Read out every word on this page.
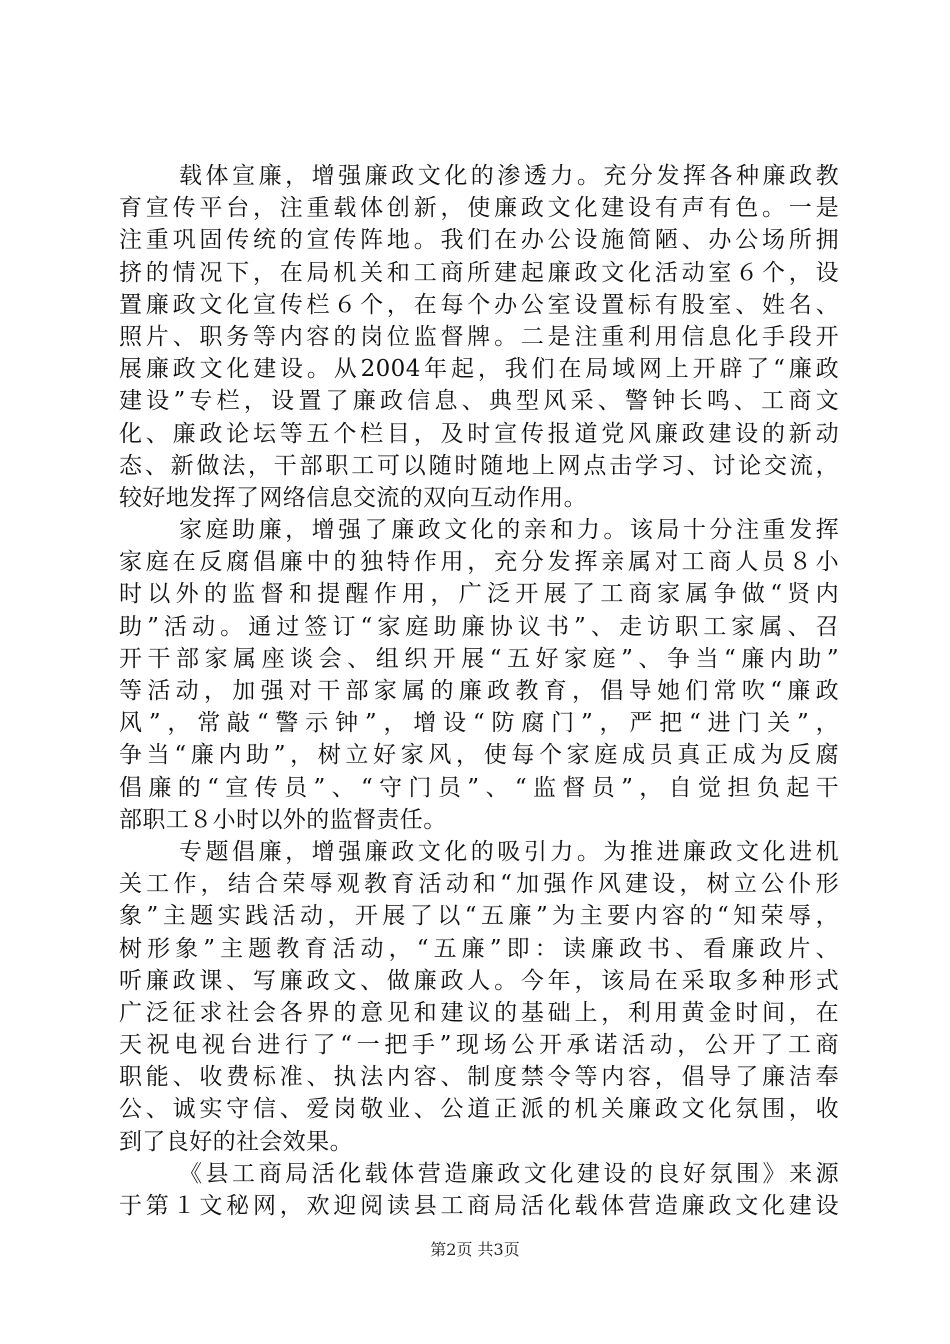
载体宣廉，增强廉政文化的渗透力。充分发挥各种廉政教
育宣传平台，注重载体创新，使廉政文化建设有声有色。一是
注重巩固传统的宣传阵地。我们在办公设施简陋、办公场所拥
挤的情况下，在局机关和工商所建起廉政文化活动室６个，设
置廉政文化宣传栏６个，在每个办公室设置标有股室、姓名、
照片、职务等内容的岗位监督牌。二是注重利用信息化手段开
展廉政文化建设。从2004年起，我们在局域网上开辟了“廉政
建设”专栏，设置了廉政信息、典型风采、警钟长鸣、工商文
化、廉政论坛等五个栏目，及时宣传报道党风廉政建设的新动
态、新做法，干部职工可以随时随地上网点击学习、讨论交流，
较好地发挥了网络信息交流的双向互动作用。
家庭助廉，增强了廉政文化的亲和力。该局十分注重发挥
家庭在反腐倡廉中的独特作用，充分发挥亲属对工商人员８小
时以外的监督和提醒作用，广泛开展了工商家属争做“贤内
助”活动。通过签订“家庭助廉协议书”、走访职工家属、召
开干部家属座谈会、组织开展“五好家庭”、争当“廉内助”
等活动，加强对干部家属的廉政教育，倡导她们常吹“廉政
风”，常敲“警示钟”，增设“防腐门”，严把“进门关”，
争当“廉内助”，树立好家风，使每个家庭成员真正成为反腐
倡廉的“宣传员”、“守门员”、“监督员”，自觉担负起干
部职工８小时以外的监督责任。
专题倡廉，增强廉政文化的吸引力。为推进廉政文化进机
关工作，结合荣辱观教育活动和“加强作风建设，树立公仆形
象”主题实践活动，开展了以“五廉”为主要内容的“知荣辱，
树形象”主题教育活动，“五廉”即：读廉政书、看廉政片、
听廉政课、写廉政文、做廉政人。今年，该局在采取多种形式
广泛征求社会各界的意见和建议的基础上，利用黄金时间，在
天祝电视台进行了“一把手”现场公开承诺活动，公开了工商
职能、收费标准、执法内容、制度禁令等内容，倡导了廉洁奉
公、诚实守信、爱岗敬业、公道正派的机关廉政文化氛围，收
到了良好的社会效果。
《县工商局活化载体营造廉政文化建设的良好氛围》来源
于第１文秘网，欢迎阅读县工商局活化载体营造廉政文化建设
第2页 共3页
